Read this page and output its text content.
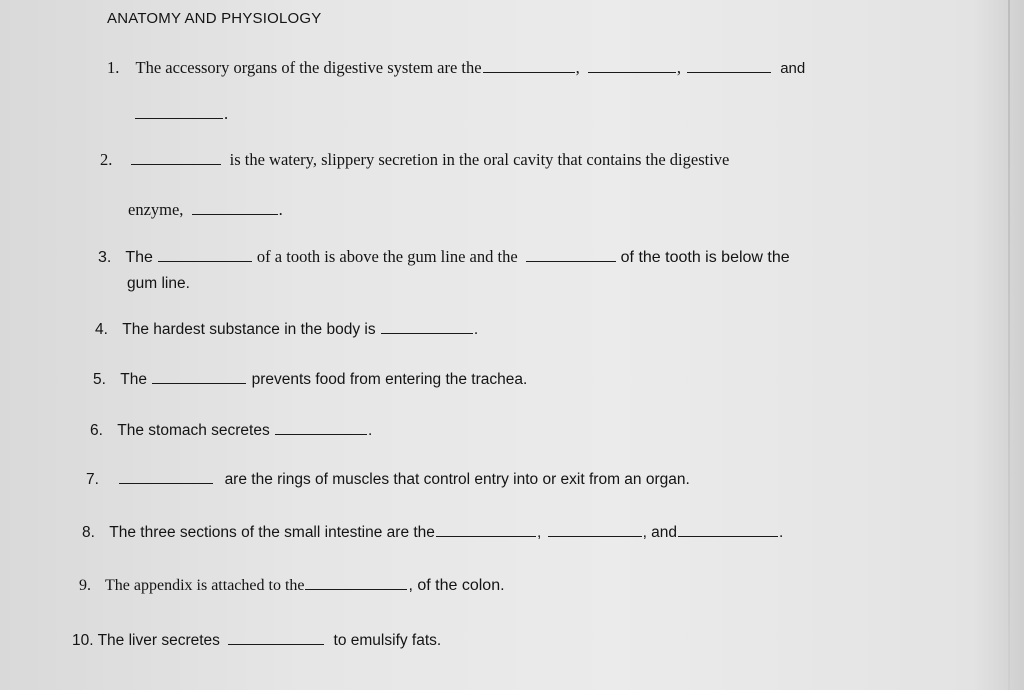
ANATOMY AND PHYSIOLOGY
1. The accessory organs of the digestive system are the	,	,	and
.
2.	is the watery, slippery secretion in the oral cavity that contains the digestive
enzyme,	.
3. The	of a tooth is above the gum line and the	of the tooth is below the
gum line.
4. The hardest substance in the body is	.
5. The	prevents food from entering the trachea.
6. The stomach secretes	.
7.	are the rings of muscles that control entry into or exit from an organ.
8. The three sections of the small intestine are the	,	, and	.
9. The appendix is attached to the	, of the colon.
10. The liver secretes	to emulsify fats.
